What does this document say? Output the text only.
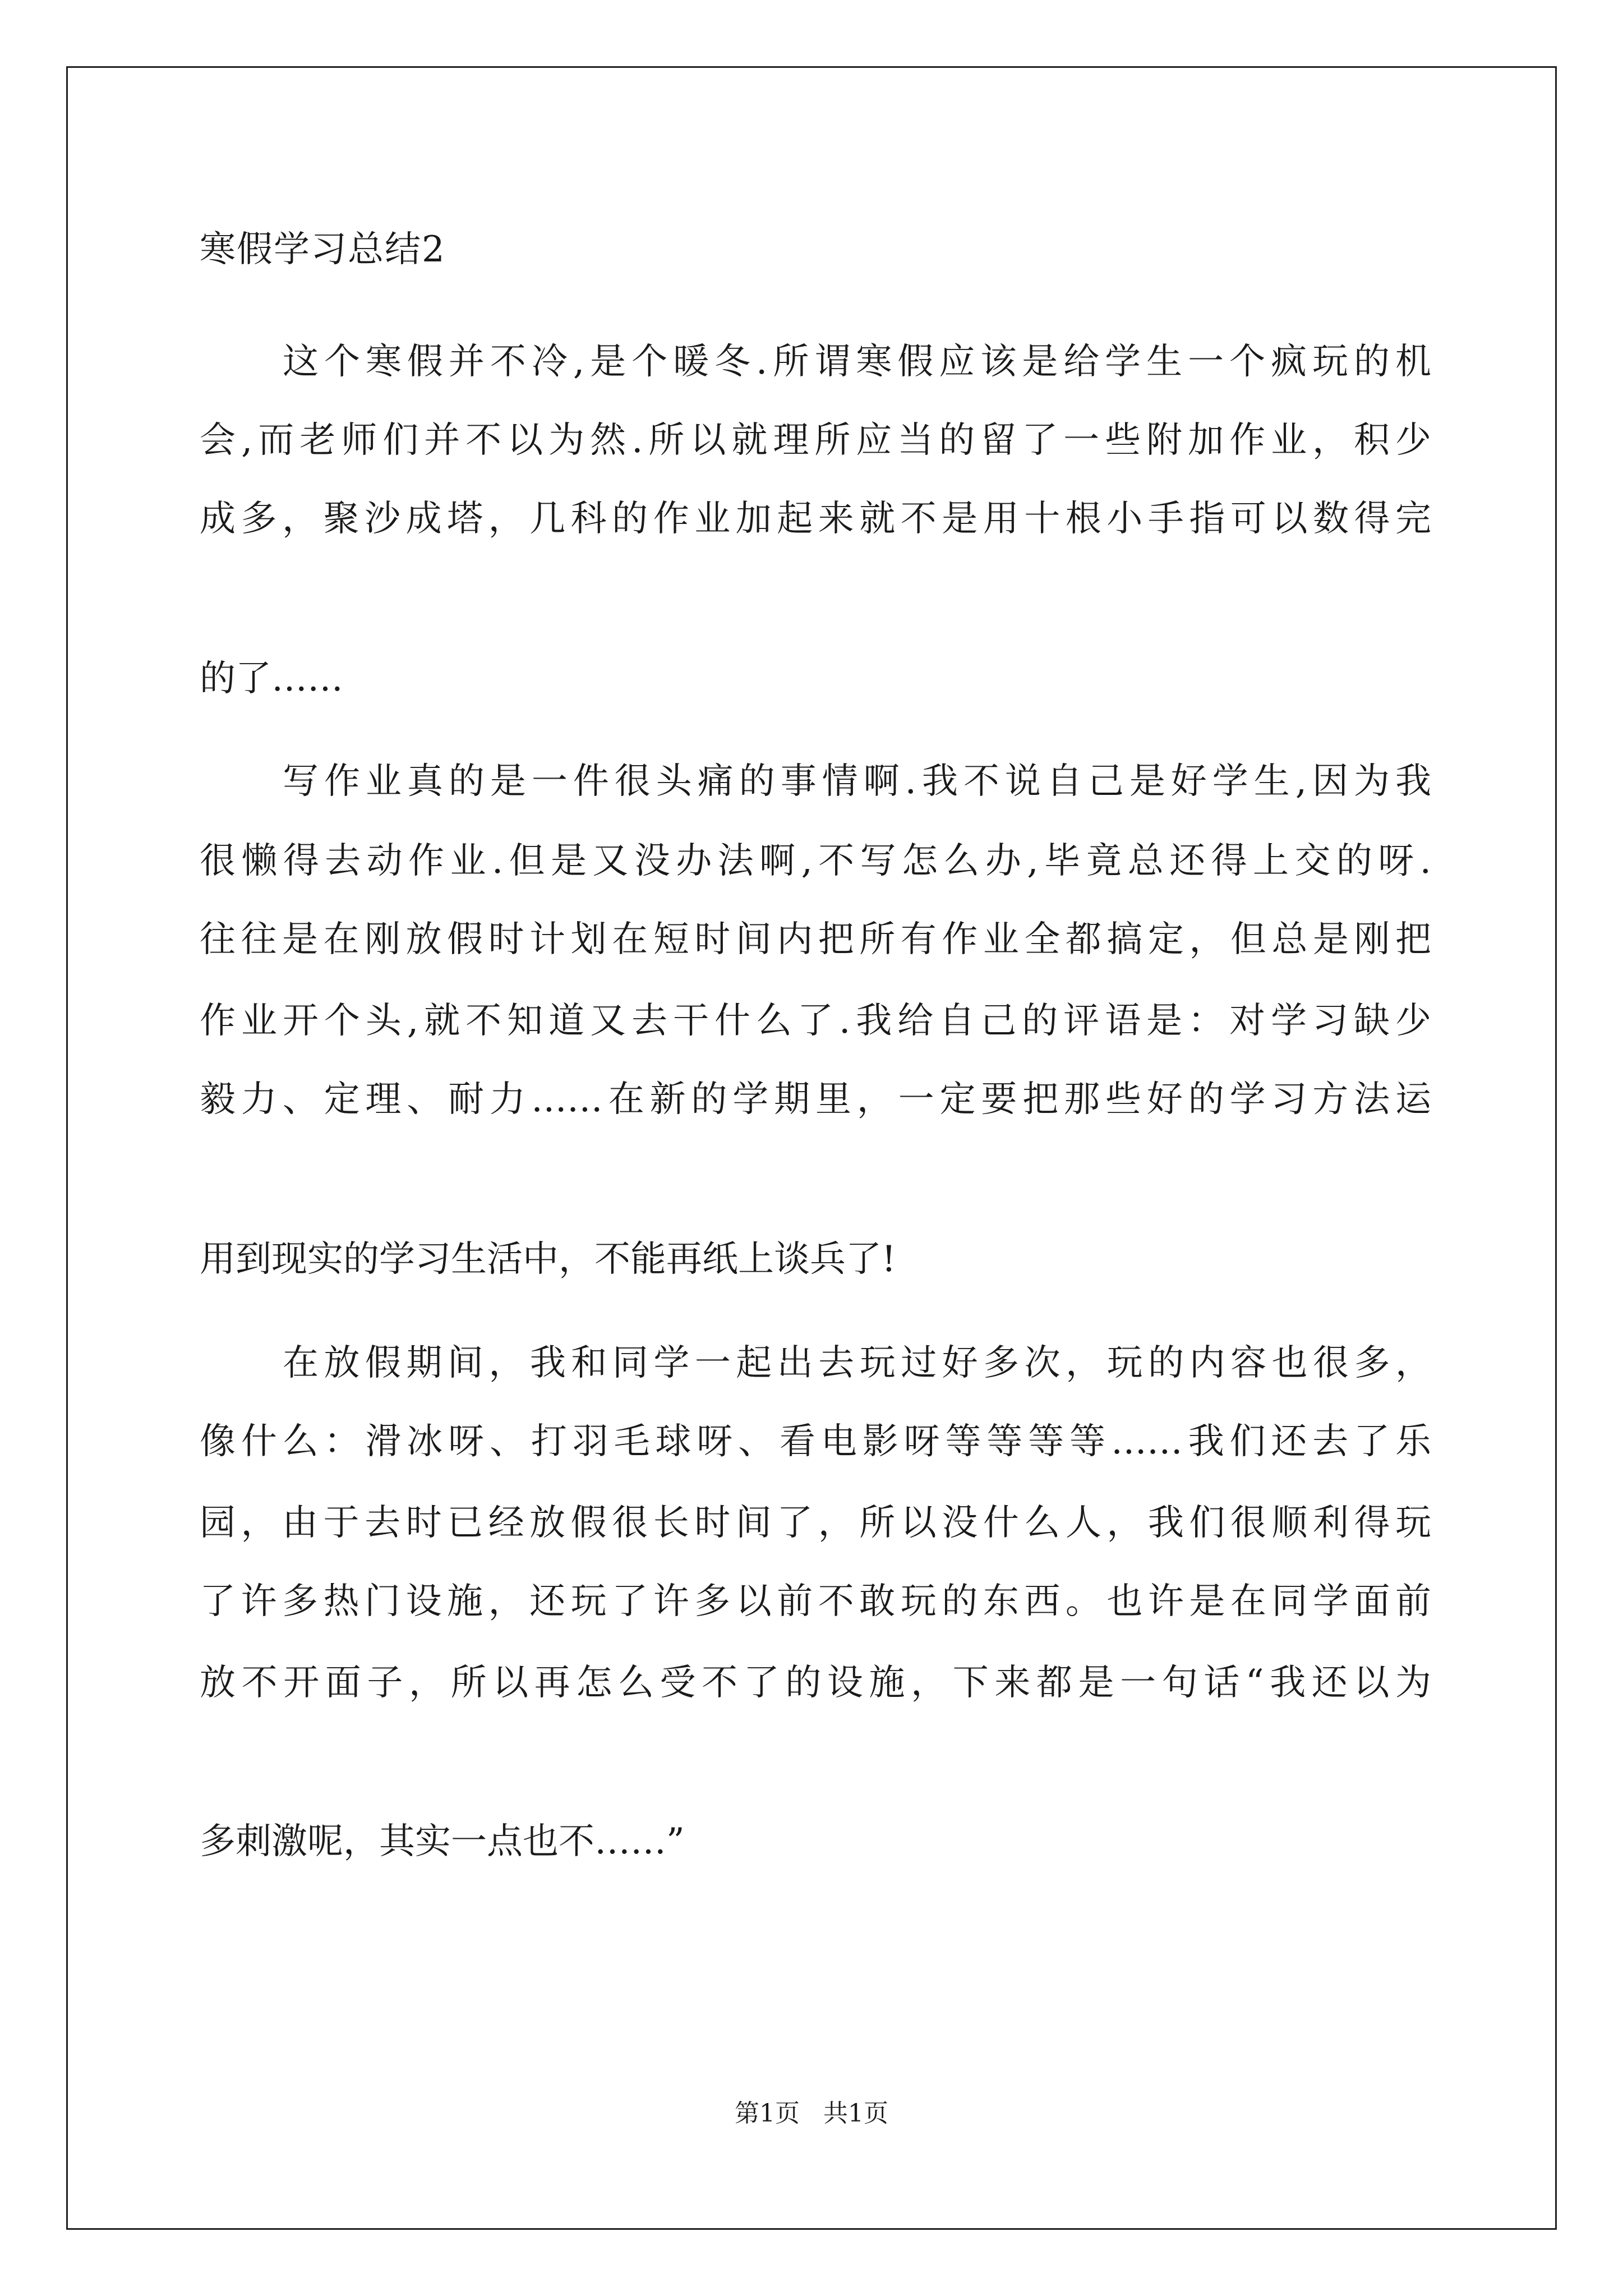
寒假学习总结2
这个寒假并不冷,是个暖冬.所谓寒假应该是给学生一个疯玩的机
会,而老师们并不以为然.所以就理所应当的留了一些附加作业，积少
成多，聚沙成塔，几科的作业加起来就不是用十根小手指可以数得完
的了……
写作业真的是一件很头痛的事情啊.我不说自己是好学生,因为我
很懒得去动作业.但是又没办法啊,不写怎么办,毕竟总还得上交的呀.
往往是在刚放假时计划在短时间内把所有作业全都搞定，但总是刚把
作业开个头,就不知道又去干什么了.我给自己的评语是：对学习缺少
毅力、定理、耐力……在新的学期里，一定要把那些好的学习方法运
用到现实的学习生活中，不能再纸上谈兵了!
在放假期间，我和同学一起出去玩过好多次，玩的内容也很多，
像什么：滑冰呀、打羽毛球呀、看电影呀等等等等……我们还去了乐
园，由于去时已经放假很长时间了，所以没什么人，我们很顺利得玩
了许多热门设施，还玩了许多以前不敢玩的东西。也许是在同学面前
放不开面子，所以再怎么受不了的设施，下来都是一句话“我还以为
多刺激呢，其实一点也不……”
第1页 共1页
